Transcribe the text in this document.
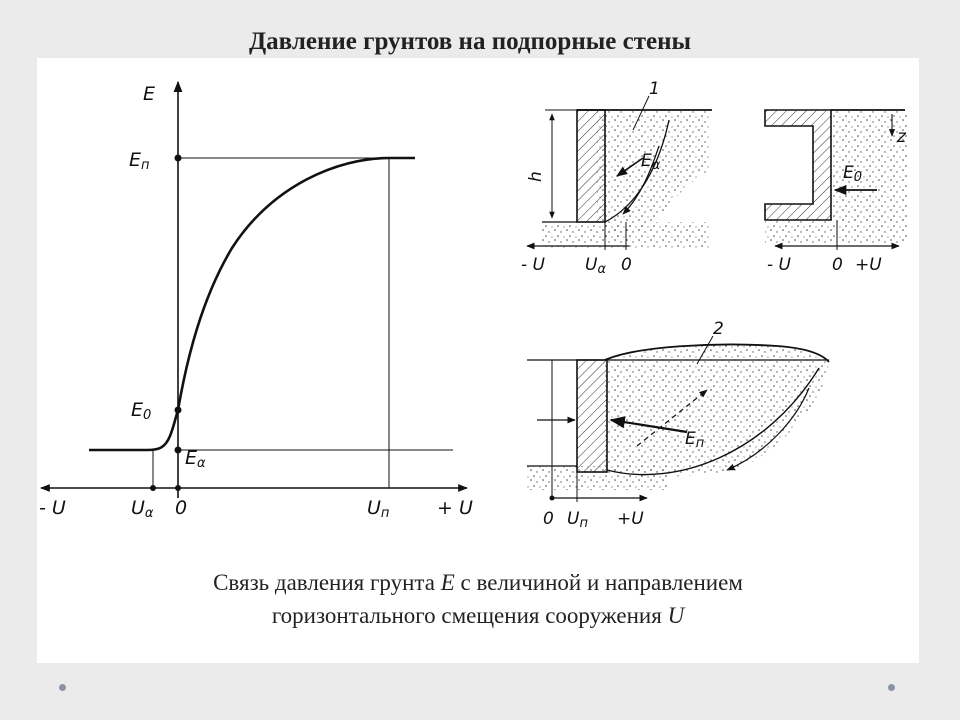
Давление грунтов на подпорные стены
E
Eп
E0
Eα
- U	Uα 0	Uп	+ U
1
h
Eα
- U Uα 0
z
E0
- U 0 +U
2
Eп
0 Uп +U
Связь давления грунта E с величиной и направлением
горизонтального смещения сооружения U
